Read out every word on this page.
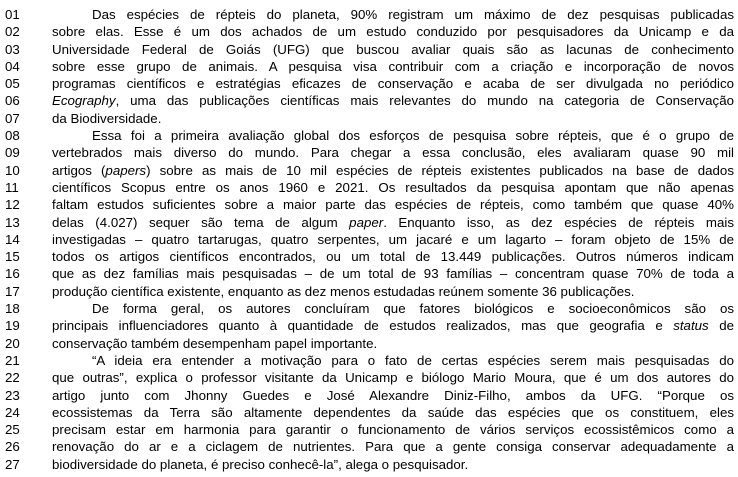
01	Das espécies de répteis do planeta, 90% registram um máximo de dez pesquisas publicadas
02	sobre elas. Esse é um dos achados de um estudo conduzido por pesquisadores da Unicamp e da
03	Universidade Federal de Goiás (UFG) que buscou avaliar quais são as lacunas de conhecimento
04	sobre esse grupo de animais. A pesquisa visa contribuir com a criação e incorporação de novos
05	programas científicos e estratégias eficazes de conservação e acaba de ser divulgada no periódico
06	Ecography, uma das publicações científicas mais relevantes do mundo na categoria de Conservação
07	da Biodiversidade.
08	Essa foi a primeira avaliação global dos esforços de pesquisa sobre répteis, que é o grupo de
09	vertebrados mais diverso do mundo. Para chegar a essa conclusão, eles avaliaram quase 90 mil
10	artigos (papers) sobre as mais de 10 mil espécies de répteis existentes publicados na base de dados
11	científicos Scopus entre os anos 1960 e 2021. Os resultados da pesquisa apontam que não apenas
12	faltam estudos suficientes sobre a maior parte das espécies de répteis, como também que quase 40%
13	delas (4.027) sequer são tema de algum paper. Enquanto isso, as dez espécies de répteis mais
14	investigadas – quatro tartarugas, quatro serpentes, um jacaré e um lagarto – foram objeto de 15% de
15	todos os artigos científicos encontrados, ou um total de 13.449 publicações. Outros números indicam
16	que as dez famílias mais pesquisadas – de um total de 93 famílias – concentram quase 70% de toda a
17	produção científica existente, enquanto as dez menos estudadas reúnem somente 36 publicações.
18	De forma geral, os autores concluíram que fatores biológicos e socioeconômicos são os
19	principais influenciadores quanto à quantidade de estudos realizados, mas que geografia e status de
20	conservação também desempenham papel importante.
21	“A ideia era entender a motivação para o fato de certas espécies serem mais pesquisadas do
22	que outras”, explica o professor visitante da Unicamp e biólogo Mario Moura, que é um dos autores do
23	artigo junto com Jhonny Guedes e José Alexandre Diniz-Filho, ambos da UFG. “Porque os
24	ecossistemas da Terra são altamente dependentes da saúde das espécies que os constituem, eles
25	precisam estar em harmonia para garantir o funcionamento de vários serviços ecossistêmicos como a
26	renovação do ar e a ciclagem de nutrientes. Para que a gente consiga conservar adequadamente a
27	biodiversidade do planeta, é preciso conhecê-la”, alega o pesquisador.
